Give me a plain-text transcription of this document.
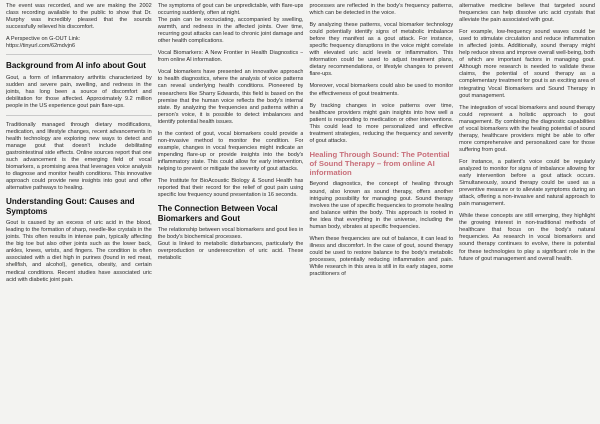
The event was recorded, and we are making the 2002 class recording available to the public to show that Dr. Murphy was incredibly pleased that the sounds successfully relieved his discomfort.

A Perspective on G-OUT Link:
https://tinyurl.com/62mdvjn6
Background from AI info about Gout

Gout, a form of inflammatory arthritis characterized by sudden and severe pain, swelling, and redness in the joints, has long been a source of discomfort and debilitation for those affected. Approximately 9.2 million people in the US experience gout pain flare-ups.

Traditionally managed through dietary modifications, medication, and lifestyle changes, recent advancements in health technology are exploring new ways to detect and manage gout that doesn't include debilitating gastrointestinal side effects. Online sources report that one such advancement is the emerging field of vocal biomarkers, a promising area that leverages voice analysis to diagnose and monitor health conditions. This innovative approach could provide new insights into gout and offer alternative pathways to healing.

Understanding Gout: Causes and Symptoms

Gout is caused by an excess of uric acid in the blood, leading to the formation of sharp, needle-like crystals in the joints. This often results in intense pain, typically affecting the big toe but also other joints such as the lower back, ankles, knees, wrists, and fingers. The condition is often associated with a diet high in purines (found in red meat, shellfish, and alcohol), genetics, obesity, and certain medical conditions. Recent studies have associated uric acid with diabetic joint pain.

The symptoms of gout can be unpredictable, with flare-ups occurring suddenly, often at night.

The pain can be excruciating, accompanied by swelling, warmth, and redness in the affected joints. Over time, recurring gout attacks can lead to chronic joint damage and other health complications.

Vocal Biomarkers: A New Frontier in Health Diagnostics – from online AI information.

Vocal biomarkers have presented an innovative approach to health diagnostics, where the analysis of voice patterns can reveal underlying health conditions. Pioneered by researchers like Sharry Edwards, this field is based on the premise that the human voice reflects the body's internal state. By analyzing the frequencies and patterns within a person's voice, it is possible to detect imbalances and identify potential health issues.

In the context of gout, vocal biomarkers could provide a non-invasive method to monitor the condition. For example, changes in vocal frequencies might indicate an impending flare-up or provide insights into the body's inflammatory state. This could allow for early intervention, helping to prevent or mitigate the severity of gout attacks.

The Institute for BioAcoustic Biology & Sound Health has reported that their record for the relief of gout pain using specific low frequency sound presentation is 16 seconds.

The Connection Between Vocal Biomarkers and Gout

The relationship between vocal biomarkers and gout lies in the body's biochemical processes.

Gout is linked to metabolic disturbances, particularly the overproduction or underexcretion of uric acid. These metabolic

processes are reflected in the body's frequency patterns, which can be detected in the voice.

By analyzing these patterns, vocal biomarker technology could potentially identify signs of metabolic imbalance before they manifest as a gout attack. For instance, specific frequency disruptions in the voice might correlate with elevated uric acid levels or inflammation. This information could be used to adjust treatment plans, dietary recommendations, or lifestyle changes to prevent flare-ups.

Moreover, vocal biomarkers could also be used to monitor the effectiveness of gout treatments.

By tracking changes in voice patterns over time, healthcare providers might gain insights into how well a patient is responding to medication or other interventions. This could lead to more personalized and effective treatment strategies, reducing the frequency and severity of gout attacks.

Healing Through Sound: The Potential of Sound Therapy – from online AI information

Beyond diagnostics, the concept of healing through sound, also known as sound therapy, offers another intriguing possibility for managing gout. Sound therapy involves the use of specific frequencies to promote healing and balance within the body. This approach is rooted in the idea that everything in the universe, including the human body, vibrates at specific frequencies.

When these frequencies are out of balance, it can lead to illness and discomfort. In the case of gout, sound therapy could be used to restore balance to the body's metabolic processes, potentially reducing inflammation and pain. While research in this area is still in its early stages, some practitioners of

alternative medicine believe that targeted sound frequencies can help dissolve uric acid crystals that alleviate the pain associated with gout.

For example, low-frequency sound waves could be used to stimulate circulation and reduce inflammation in affected joints. Additionally, sound therapy might help reduce stress and improve overall well-being, both of which are important factors in managing gout. Although more research is needed to validate these claims, the potential of sound therapy as a complementary treatment for gout is an exciting area of integrating Vocal Biomarkers and Sound Therapy in gout management.

The integration of vocal biomarkers and sound therapy could represent a holistic approach to gout management. By combining the diagnostic capabilities of vocal biomarkers with the healing potential of sound therapy, healthcare providers might be able to offer more comprehensive and personalized care for those suffering from gout.

For instance, a patient's voice could be regularly analyzed to monitor for signs of imbalance allowing for early intervention before a gout attack occurs. Simultaneously, sound therapy could be used as a preventive measure or to alleviate symptoms during an attack, offering a non-invasive and natural approach to pain management.

While these concepts are still emerging, they highlight the growing interest in non-traditional methods of healthcare that focus on the body's natural frequencies. As research in vocal biomarkers and sound therapy continues to evolve, there is potential for these technologies to play a significant role in the future of gout management and overall health.
